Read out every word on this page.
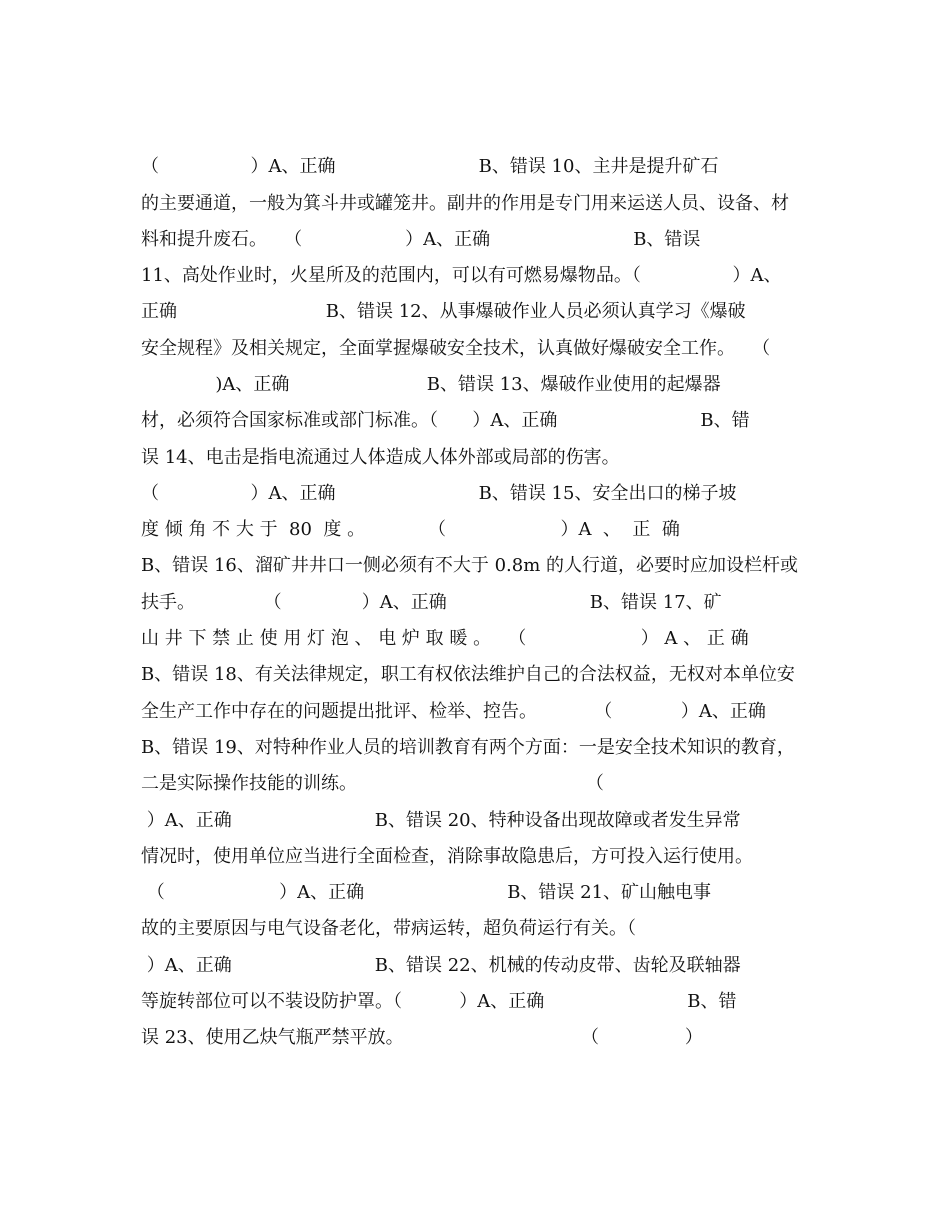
（                ）A、正确                         B、错误 10、主井是提升矿石
的主要通道，一般为箕斗井或罐笼井。副井的作用是专门用来运送人员、设备、材
料和提升废石。   （                  ）A、正确                         B、错误
11、高处作业时，火星所及的范围内，可以有可燃易爆物品。（                ）A、
正确                          B、错误 12、从事爆破作业人员必须认真学习《爆破
安全规程》及相关规定，全面掌握爆破安全技术，认真做好爆破安全工作。   （
)A、正确                        B、错误 13、爆破作业使用的起爆器
材，必须符合国家标准或部门标准。（      ）A、正确                         B、错
误 14、电击是指电流通过人体造成人体外部或局部的伤害。
（                ）A、正确                         B、错误 15、安全出口的梯子坡
度 倾 角 不 大 于  80  度 。           （                    ）A  、  正  确
B、错误 16、溜矿井井口一侧必须有不大于 0.8m 的人行道，必要时应加设栏杆或
扶手。            （              ）A、正确                         B、错误 17、矿
山 井 下 禁 止 使 用 灯 泡 、 电 炉 取 暖 。   （                    ） A 、 正 确
B、错误 18、有关法律规定，职工有权依法维护自己的合法权益，无权对本单位安
全生产工作中存在的问题提出批评、检举、控告。          （            ）A、正确
B、错误 19、对特种作业人员的培训教育有两个方面：一是安全技术知识的教育，
二是实际操作技能的训练。                                        （
）A、正确                         B、错误 20、特种设备出现故障或者发生异常
情况时，使用单位应当进行全面检查，消除事故隐患后，方可投入运行使用。
（                    ）A、正确                         B、错误 21、矿山触电事
故的主要原因与电气设备老化，带病运转，超负荷运行有关。（
）A、正确                         B、错误 22、机械的传动皮带、齿轮及联轴器
等旋转部位可以不装设防护罩。（          ）A、正确                         B、错
误 23、使用乙炔气瓶严禁平放。                               （               ）
